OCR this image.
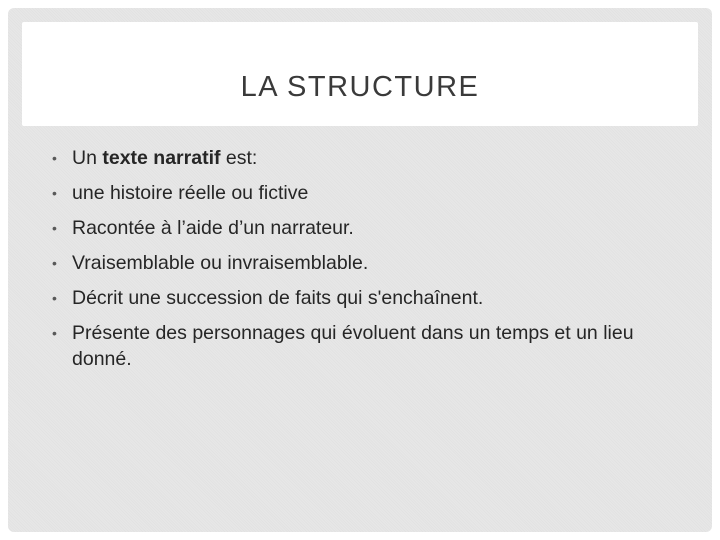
LA STRUCTURE
• Un texte narratif est:
• une histoire réelle ou fictive
• Racontée à l’aide d’un narrateur.
• Vraisemblable ou invraisemblable.
• Décrit une succession de faits qui s'enchaînent.
• Présente des personnages qui évoluent dans un temps et un lieu donné.
